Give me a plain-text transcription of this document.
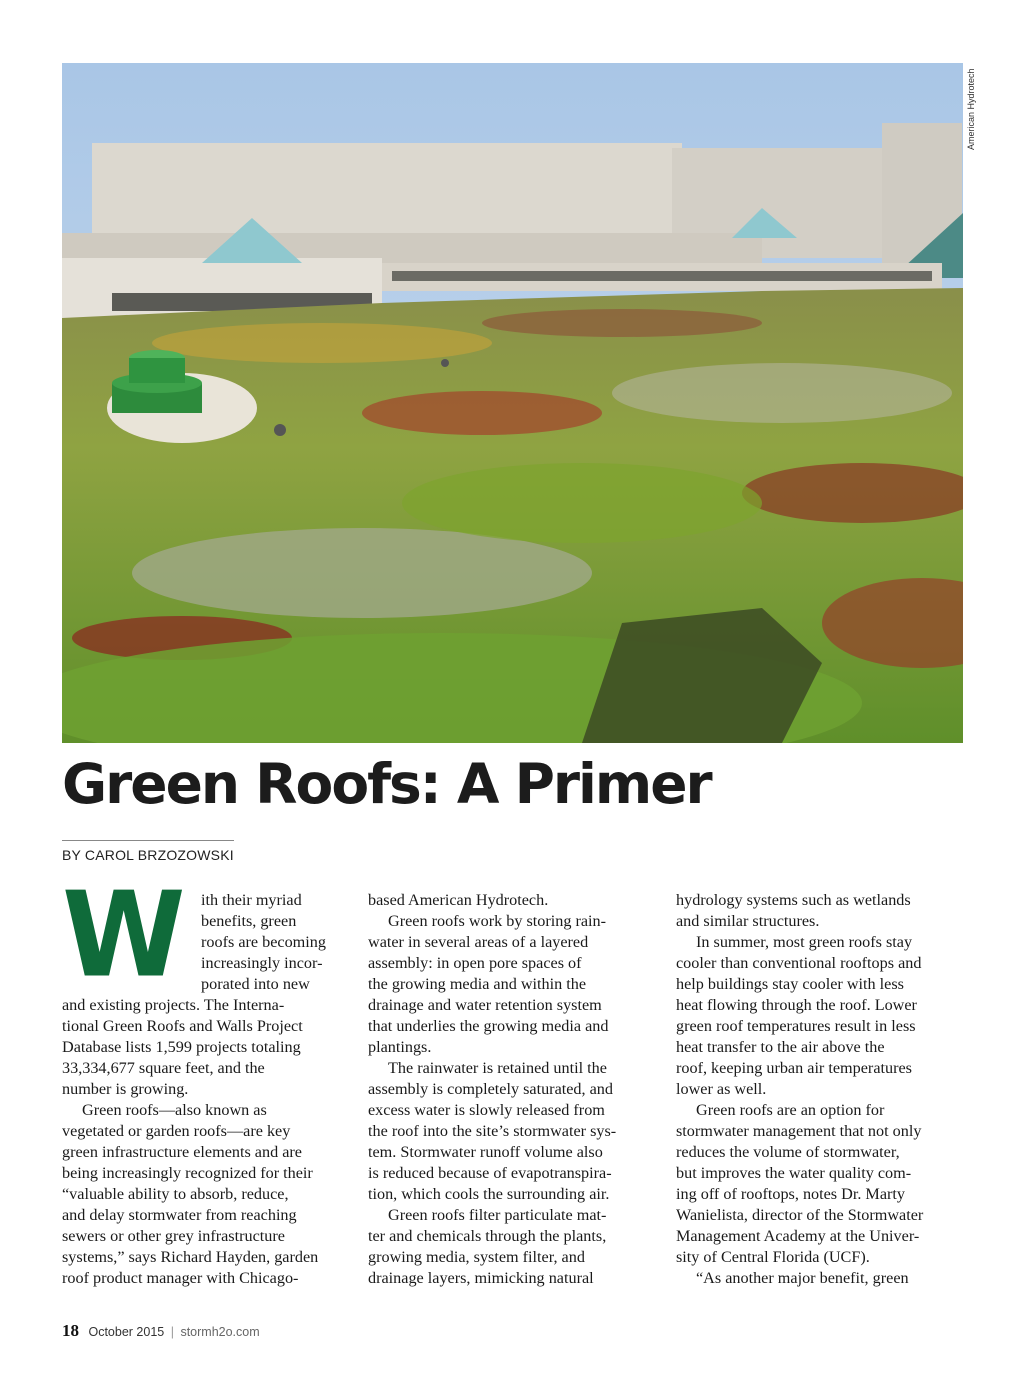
American Hydrotech
Green Roofs: A Primer
BY CAROL BRZOZOWSKI
W	ith their myriad

benefits, green

roofs are becoming

increasingly incor-

porated into new

and existing projects. The Interna-

tional Green Roofs and Walls Project

Database lists 1,599 projects totaling

33,334,677 square feet, and the

number is growing.

Green roofs—also known as

vegetated or garden roofs—are key

green infrastructure elements and are

being increasingly recognized for their

“valuable ability to absorb, reduce,

and delay stormwater from reaching

sewers or other grey infrastructure

systems,” says Richard Hayden, garden

roof product manager with Chicago-

based American Hydrotech.

Green roofs work by storing rain-

water in several areas of a layered

assembly: in open pore spaces of

the growing media and within the

drainage and water retention system

that underlies the growing media and

plantings.

The rainwater is retained until the

assembly is completely saturated, and

excess water is slowly released from

the roof into the site’s stormwater sys-

tem. Stormwater runoff volume also

is reduced because of evapotranspira-

tion, which cools the surrounding air.

Green roofs filter particulate mat-

ter and chemicals through the plants,

growing media, system filter, and

drainage layers, mimicking natural

hydrology systems such as wetlands

and similar structures.

In summer, most green roofs stay

cooler than conventional rooftops and

help buildings stay cooler with less

heat flowing through the roof. Lower

green roof temperatures result in less

heat transfer to the air above the

roof, keeping urban air temperatures

lower as well.

Green roofs are an option for

stormwater management that not only

reduces the volume of stormwater,

but improves the water quality com-

ing off of rooftops, notes Dr. Marty

Wanielista, director of the Stormwater

Management Academy at the Univer-

sity of Central Florida (UCF).

“As another major benefit, green

18 October 2015 | stormh2o.com
